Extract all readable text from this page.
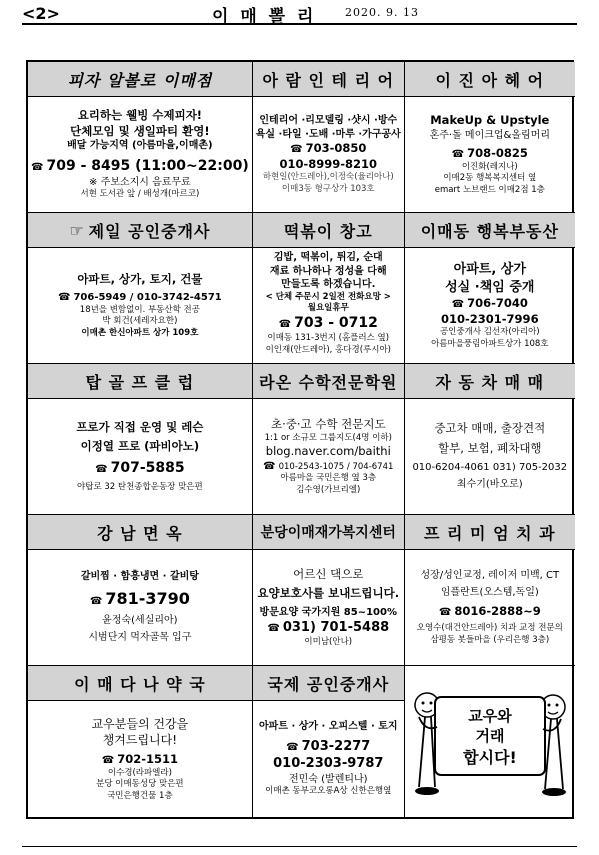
<2>	이 매 뽈 리	2020. 9. 13
피자 알볼로 이매점
요리하는 웰빙 수제피자!
단체모임 및 생일파티 환영!
배달 가능지역 (아름마을,이매촌)
☎ 709 - 8495 (11:00~22:00)
※ 주보소지시 음료무료
서현 도서관 앞 / 배성개(마르코)
아 람 인 테 리 어
인테리어 ·리모델링 ·샷시 ·방수
욕실 ·타일 ·도배 ·마루 ·가구공사
☎ 703-0850
010-8999-8210
하현일(안드레아),이정숙(율리아나)
이매3동 형구상가 103호
이 진 아 헤 어
MakeUp & Upstyle
혼주·돌 메이크업&올림머리
☎ 708-0825
이진화(레지나)
이매2동 행복복지센터 옆
emart 노브랜드 이매2점 1층
☞ 제일 공인중개사
아파트, 상가, 토지, 건물
☎ 706-5949 / 010-3742-4571
18년을 변함없이. 부동산학 전공
박 회건(세레자요한)
이매촌 한신아파트 상가 109호
떡볶이 창고
김밥, 떡볶이, 튀김, 순대
재료 하나하나 정성을 다해
만들도록 하겠습니다.
< 단체 주문시 2일전 전화요망 >
월요일휴무
☎ 703 - 0712
이매동 131-3번지 (홈플러스 옆)
이인재(안드레아), 홍다경(루시아)
이매동 행복부동산
아파트, 상가
성실 ·책임 중개
☎ 706-7040
010-2301-7996
공인중개사 김선자(아리아)
아름마을풍림아파트상가 108호
탑 골 프 클 럽
프로가 직접 운영 및 레슨
이정열 프로 (파비아노)
☎ 707-5885
야탑로 32 탄천종합운동장 맞은편
라온 수학전문학원
초·중·고 수학 전문지도
1:1 or 소규모 그룹지도(4명 이하)
blog.naver.com/baithi
☎ 010-2543-1075 / 704-6741
아름마을 국민은행 옆 3층
김수영(가브리엘)
자 동 차 매 매
중고차 매매, 출장견적
할부, 보험, 폐차대행
010-6204-4061 031) 705-2032
최수기(바오로)
강 남 면 옥
갈비찜 · 함흥냉면 · 갈비탕
☎ 781-3790
윤정숙(세실리아)
시범단지 먹자골목 입구
분당이매재가복지센터
어르신 댁으로
요양보호사를 보내드립니다.
방문요양 국가지원 85~100%
☎ 031) 701-5488
이미남(안나)
프 리 미 엄 치 과
성장/성인교정, 레이저 미백, CT
임플란트(오스템,독일)
☎ 8016-2888~9
오영수(대건안드레아) 치과 교정 전문의
삼평동 봇들마을 (우리은행 3층)
이 매 다 나 약 국
교우분들의 건강을
챙겨드립니다!
☎ 702-1511
이수경(라파엘라)
분당 이매동성당 맞은편
국민은행건물 1층
국제 공인중개사
아파트 · 상가 · 오피스텔 · 토지
☎ 703-2277
010-2303-9787
전민숙 (발렌티나)
이매촌 동부코오롱A상 신한은행옆
교우와
거래
합시다!
